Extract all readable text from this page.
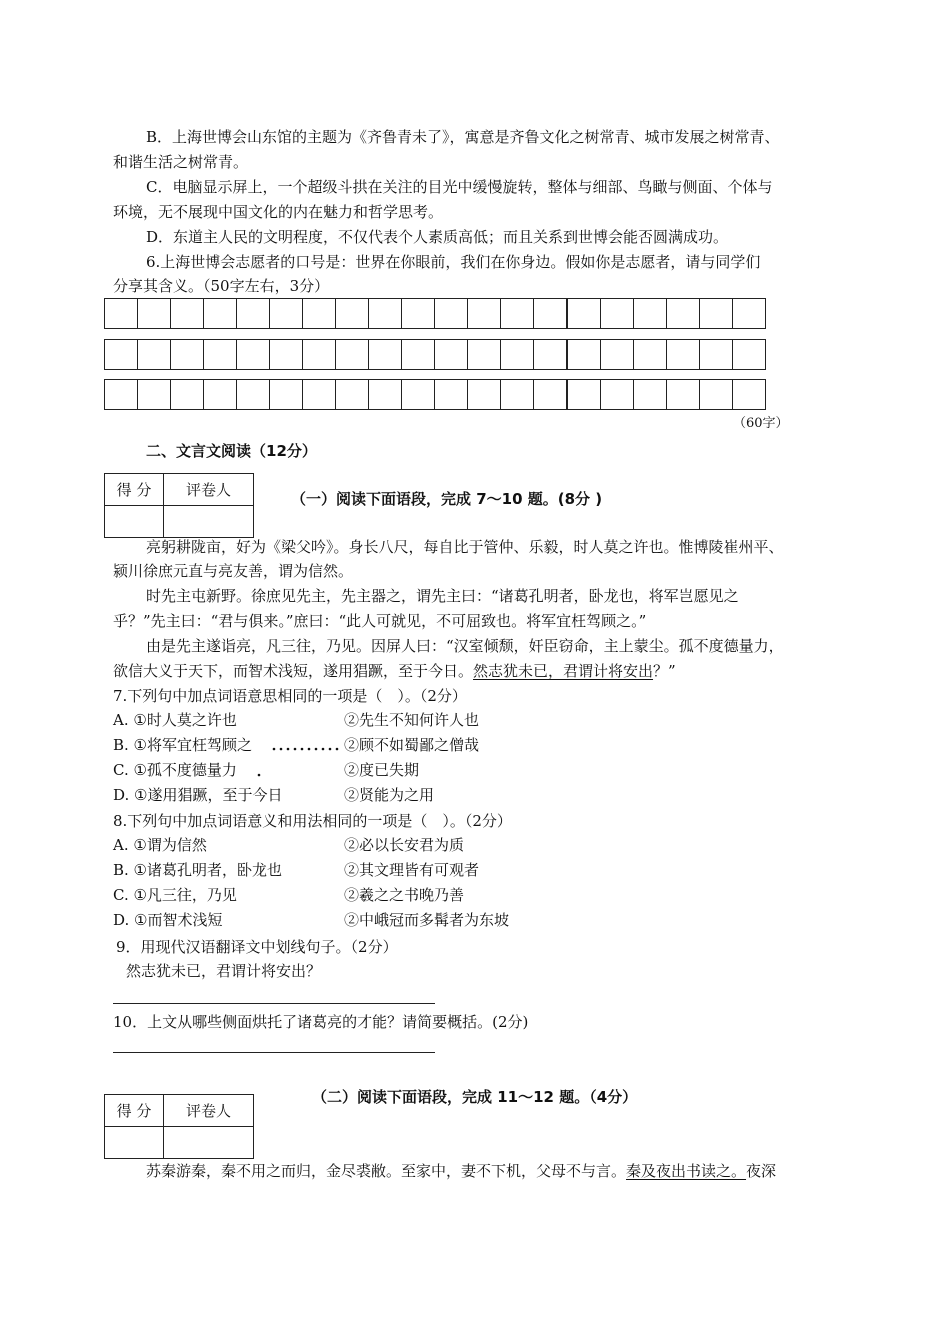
B．上海世博会山东馆的主题为《齐鲁青未了》，寓意是齐鲁文化之树常青、城市发展之树常青、
和谐生活之树常青。
C．电脑显示屏上，一个超级斗拱在关注的目光中缓慢旋转，整体与细部、鸟瞰与侧面、个体与
环境，无不展现中国文化的内在魅力和哲学思考。
D．东道主人民的文明程度，不仅代表个人素质高低；而且关系到世博会能否圆满成功。
6.上海世博会志愿者的口号是：世界在你眼前，我们在你身边。假如你是志愿者，请与同学们
分享其含义。（50字左右，3分）

（60字）
二、文言文阅读（12分）
得 分	评卷人
		（一）阅读下面语段，完成 7～10 题。(8分 )
亮躬耕陇亩，好为《梁父吟》。身长八尺，每自比于管仲、乐毅，时人莫之许也。惟博陵崔州平、
颍川徐庶元直与亮友善，谓为信然。
时先主屯新野。徐庶见先主，先主器之，谓先主曰：“诸葛孔明者，卧龙也，将军岂愿见之
乎？”先主曰：“君与俱来。”庶曰：“此人可就见，不可屈致也。将军宜枉驾顾之。”
由是先主遂诣亮，凡三往，乃见。因屏人曰：“汉室倾颓，奸臣窃命，主上蒙尘。孤不度德量力，
欲信大义于天下，而智术浅短，遂用猖蹶，至于今日。然志犹未已，君谓计将安出？”
7.下列句中加点词语意思相同的一项是（　）。（2分）
A. ①时人莫之许也	②先生不知何许人也
B. ①将军宜枉驾顾之	②顾不如蜀鄙之僧哉
C. ①孤不度德量力	②度已失期
D. ①遂用猖蹶，至于今日	②贤能为之用
8.下列句中加点词语意义和用法相同的一项是（　）。（2分）
A. ①谓为信然	②必以长安君为质
B. ①诸葛孔明者，卧龙也	②其文理皆有可观者
C. ①凡三往，乃见	②羲之之书晚乃善
D. ①而智术浅短	②中峨冠而多髯者为东坡
9．用现代汉语翻译文中划线句子。（2分）
然志犹未已，君谓计将安出？
10．上文从哪些侧面烘托了诸葛亮的才能？请简要概括。(2分)
（二）阅读下面语段，完成 11～12 题。（4分）
得 分	评卷人

苏秦游秦，秦不用之而归，金尽裘敝。至家中，妻不下机，父母不与言。秦及夜出书读之。夜深
